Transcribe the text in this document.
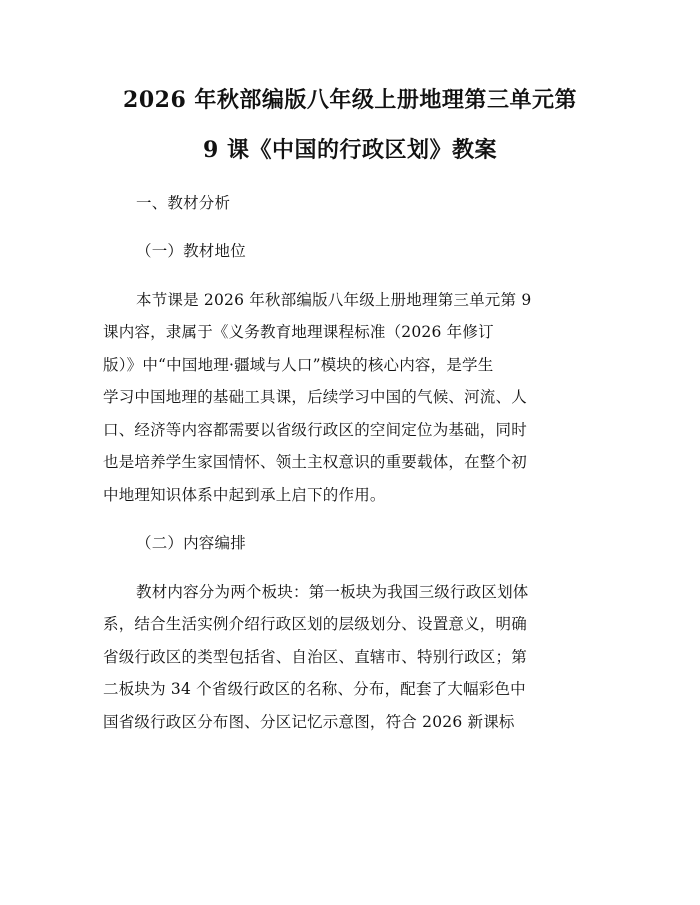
2026 年秋部编版八年级上册地理第三单元第
9 课《中国的行政区划》教案
一、教材分析
（一）教材地位
本节课是 2026 年秋部编版八年级上册地理第三单元第 9
课内容，隶属于《义务教育地理课程标准（2026 年修订
版）》中“中国地理·疆域与人口”模块的核心内容，是学生
学习中国地理的基础工具课，后续学习中国的气候、河流、人
口、经济等内容都需要以省级行政区的空间定位为基础，同时
也是培养学生家国情怀、领土主权意识的重要载体，在整个初
中地理知识体系中起到承上启下的作用。
（二）内容编排
教材内容分为两个板块：第一板块为我国三级行政区划体
系，结合生活实例介绍行政区划的层级划分、设置意义，明确
省级行政区的类型包括省、自治区、直辖市、特别行政区；第
二板块为 34 个省级行政区的名称、分布，配套了大幅彩色中
国省级行政区分布图、分区记忆示意图，符合 2026 新课标
